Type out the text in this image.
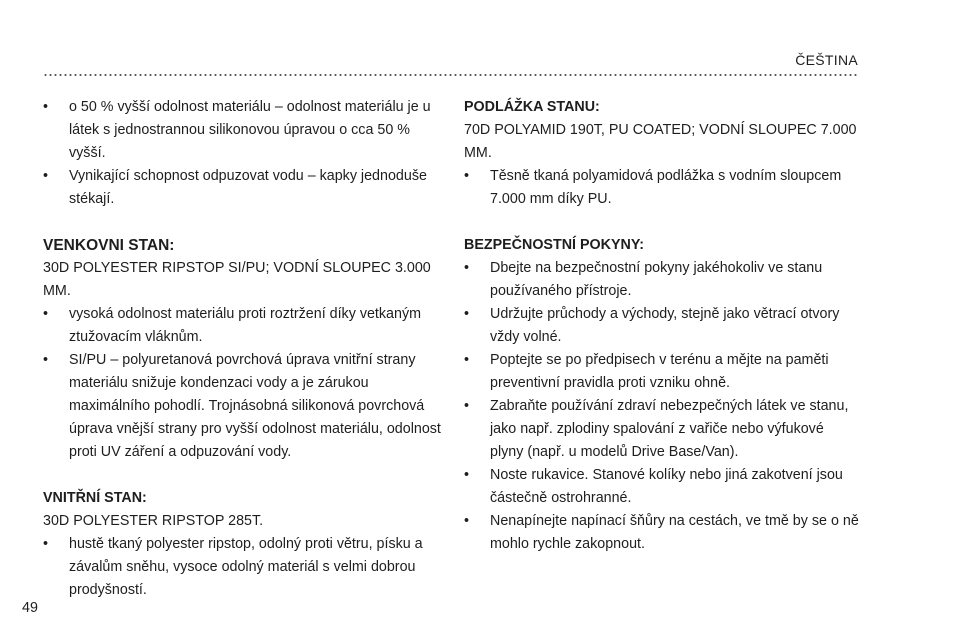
ČEŠTINA
• o 50 % vyšší odolnost materiálu – odolnost materiálu je u látek s jednostrannou silikonovou úpravou o cca 50 % vyšší.
• Vynikající schopnost odpuzovat vodu – kapky jednoduše stékají.
VENKOVNI STAN:
30D POLYESTER RIPSTOP SI/PU; VODNÍ SLOUPEC 3.000 MM.
• vysoká odolnost materiálu proti roztržení díky vetkaným ztužovacím vláknům.
• SI/PU – polyuretanová povrchová úprava vnitřní strany materiálu snižuje kondenzaci vody a je zárukou maximálního pohodlí. Trojnásobná silikonová povrchová úprava vnější strany pro vyšší odolnost materiálu, odolnost proti UV záření a odpuzování vody.
VNITŘNÍ STAN:
30D POLYESTER RIPSTOP 285T.
• hustě tkaný polyester ripstop, odolný proti větru, písku a závalům sněhu, vysoce odolný materiál s velmi dobrou prodyšností.
PODLÁŽKA STANU:
70D POLYAMID 190T, PU COATED; VODNÍ SLOUPEC 7.000 MM.
• Těsně tkaná polyamidová podlážka s vodním sloupcem 7.000 mm díky PU.
BEZPEČNOSTNÍ POKYNY:
• Dbejte na bezpečnostní pokyny jakéhokoliv ve stanu používaného přístroje.
• Udržujte průchody a východy, stejně jako větrací otvory vždy volné.
• Poptejte se po předpisech v terénu a mějte na paměti preventivní pravidla proti vzniku ohně.
• Zabraňte používání zdraví nebezpečných látek ve stanu, jako např. zplodiny spalování z vařiče nebo výfukové plyny (např. u modelů Drive Base/Van).
• Noste rukavice. Stanové kolíky nebo jiná zakotvení jsou částečně ostrohranné.
• Nenapínejte napínací šňůry na cestách, ve tmě by se o ně mohlo rychle zakopnout.
49
